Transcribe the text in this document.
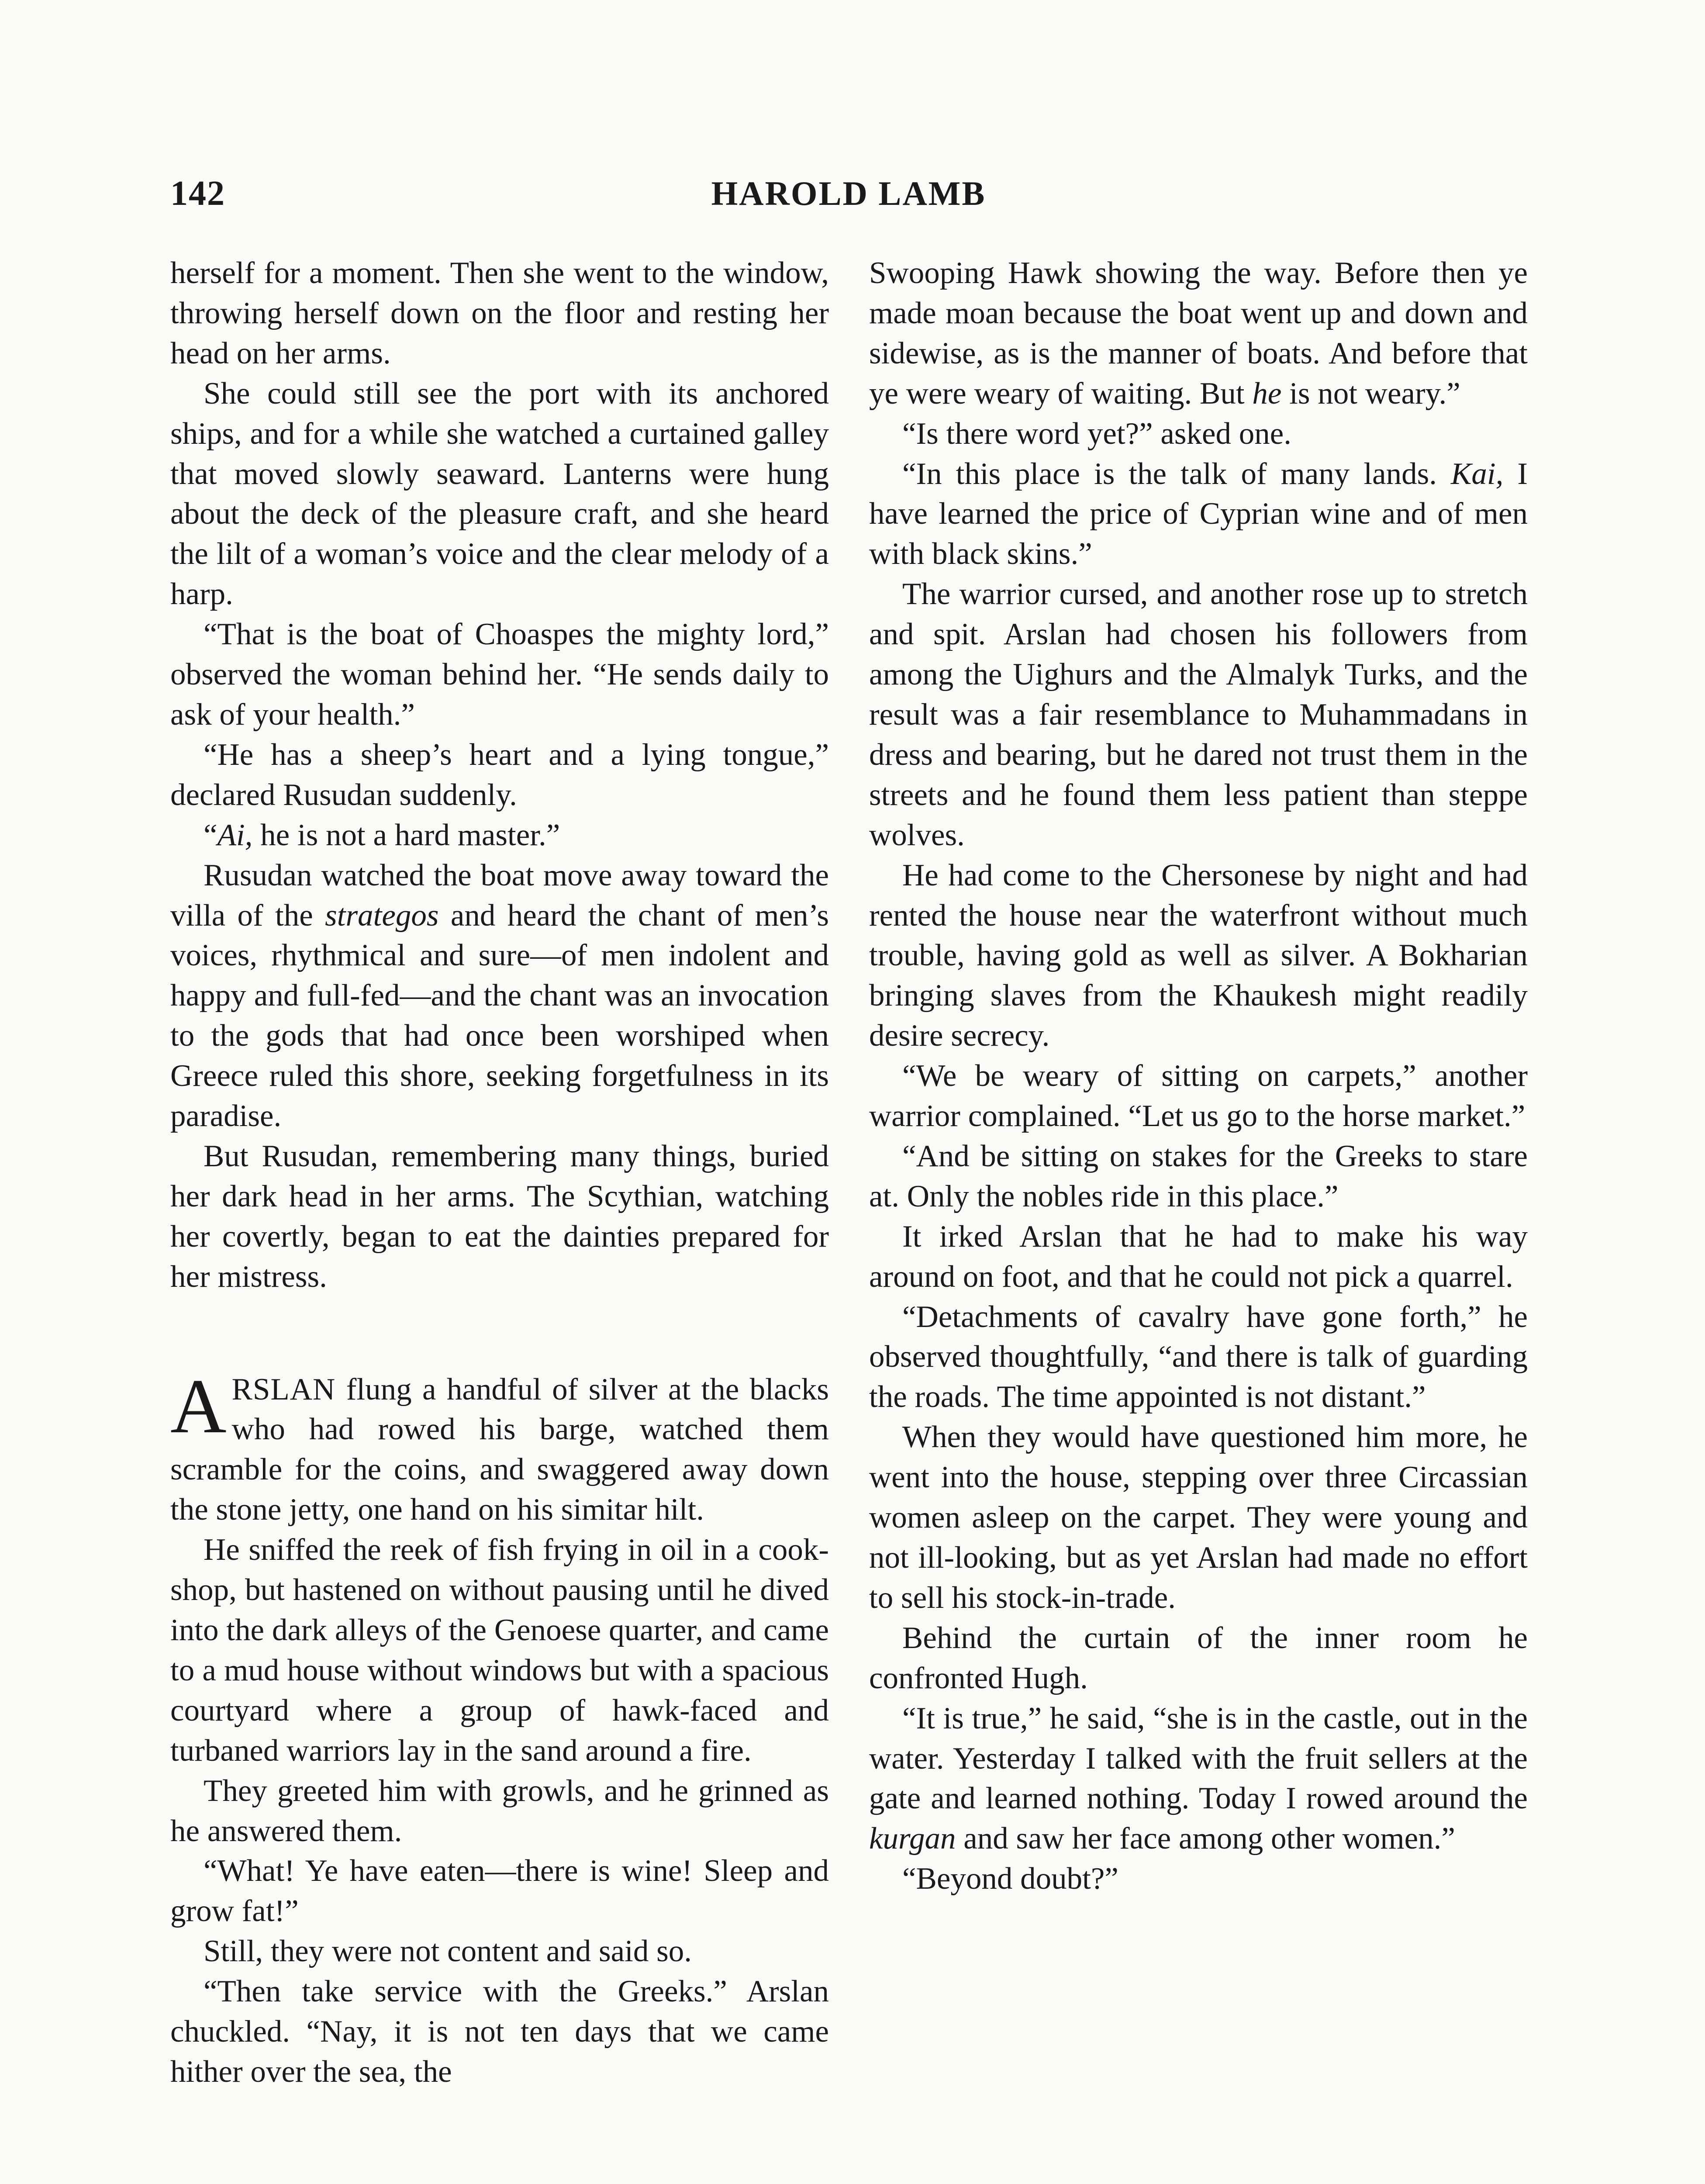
142	HAROLD LAMB

herself for a moment. Then she went to the window, throwing herself down on the floor and resting her head on her arms.

She could still see the port with its anchored ships, and for a while she watched a curtained galley that moved slowly seaward. Lanterns were hung about the deck of the pleasure craft, and she heard the lilt of a woman’s voice and the clear melody of a harp.

“That is the boat of Choaspes the mighty lord,” observed the woman behind her. “He sends daily to ask of your health.”

“He has a sheep’s heart and a lying tongue,” declared Rusudan suddenly.

“Ai, he is not a hard master.”

Rusudan watched the boat move away toward the villa of the strategos and heard the chant of men’s voices, rhythmical and sure—of men indolent and happy and full-fed—and the chant was an invocation to the gods that had once been worshiped when Greece ruled this shore, seeking forgetfulness in its paradise.

But Rusudan, remembering many things, buried her dark head in her arms. The Scythian, watching her covertly, began to eat the dainties prepared for her mistress.

ARSLAN flung a handful of silver at the blacks who had rowed his barge, watched them scramble for the coins, and swaggered away down the stone jetty, one hand on his simitar hilt.

He sniffed the reek of fish frying in oil in a cook-shop, but hastened on without pausing until he dived into the dark alleys of the Genoese quarter, and came to a mud house without windows but with a spacious courtyard where a group of hawk-faced and turbaned warriors lay in the sand around a fire.

They greeted him with growls, and he grinned as he answered them.

“What! Ye have eaten—there is wine! Sleep and grow fat!”

Still, they were not content and said so.

“Then take service with the Greeks.” Arslan chuckled. “Nay, it is not ten days that we came hither over the sea, the

Swooping Hawk showing the way. Before then ye made moan because the boat went up and down and sidewise, as is the manner of boats. And before that ye were weary of waiting. But he is not weary.”

“Is there word yet?” asked one.

“In this place is the talk of many lands. Kai, I have learned the price of Cyprian wine and of men with black skins.”

The warrior cursed, and another rose up to stretch and spit. Arslan had chosen his followers from among the Uighurs and the Almalyk Turks, and the result was a fair resemblance to Muhammadans in dress and bearing, but he dared not trust them in the streets and he found them less patient than steppe wolves.

He had come to the Chersonese by night and had rented the house near the waterfront without much trouble, having gold as well as silver. A Bokharian bringing slaves from the Khaukesh might readily desire secrecy.

“We be weary of sitting on carpets,” another warrior complained. “Let us go to the horse market.”

“And be sitting on stakes for the Greeks to stare at. Only the nobles ride in this place.”

It irked Arslan that he had to make his way around on foot, and that he could not pick a quarrel.

“Detachments of cavalry have gone forth,” he observed thoughtfully, “and there is talk of guarding the roads. The time appointed is not distant.”

When they would have questioned him more, he went into the house, stepping over three Circassian women asleep on the carpet. They were young and not ill-looking, but as yet Arslan had made no effort to sell his stock-in-trade.

Behind the curtain of the inner room he confronted Hugh.

“It is true,” he said, “she is in the castle, out in the water. Yesterday I talked with the fruit sellers at the gate and learned nothing. Today I rowed around the kurgan and saw her face among other women.”

“Beyond doubt?”
